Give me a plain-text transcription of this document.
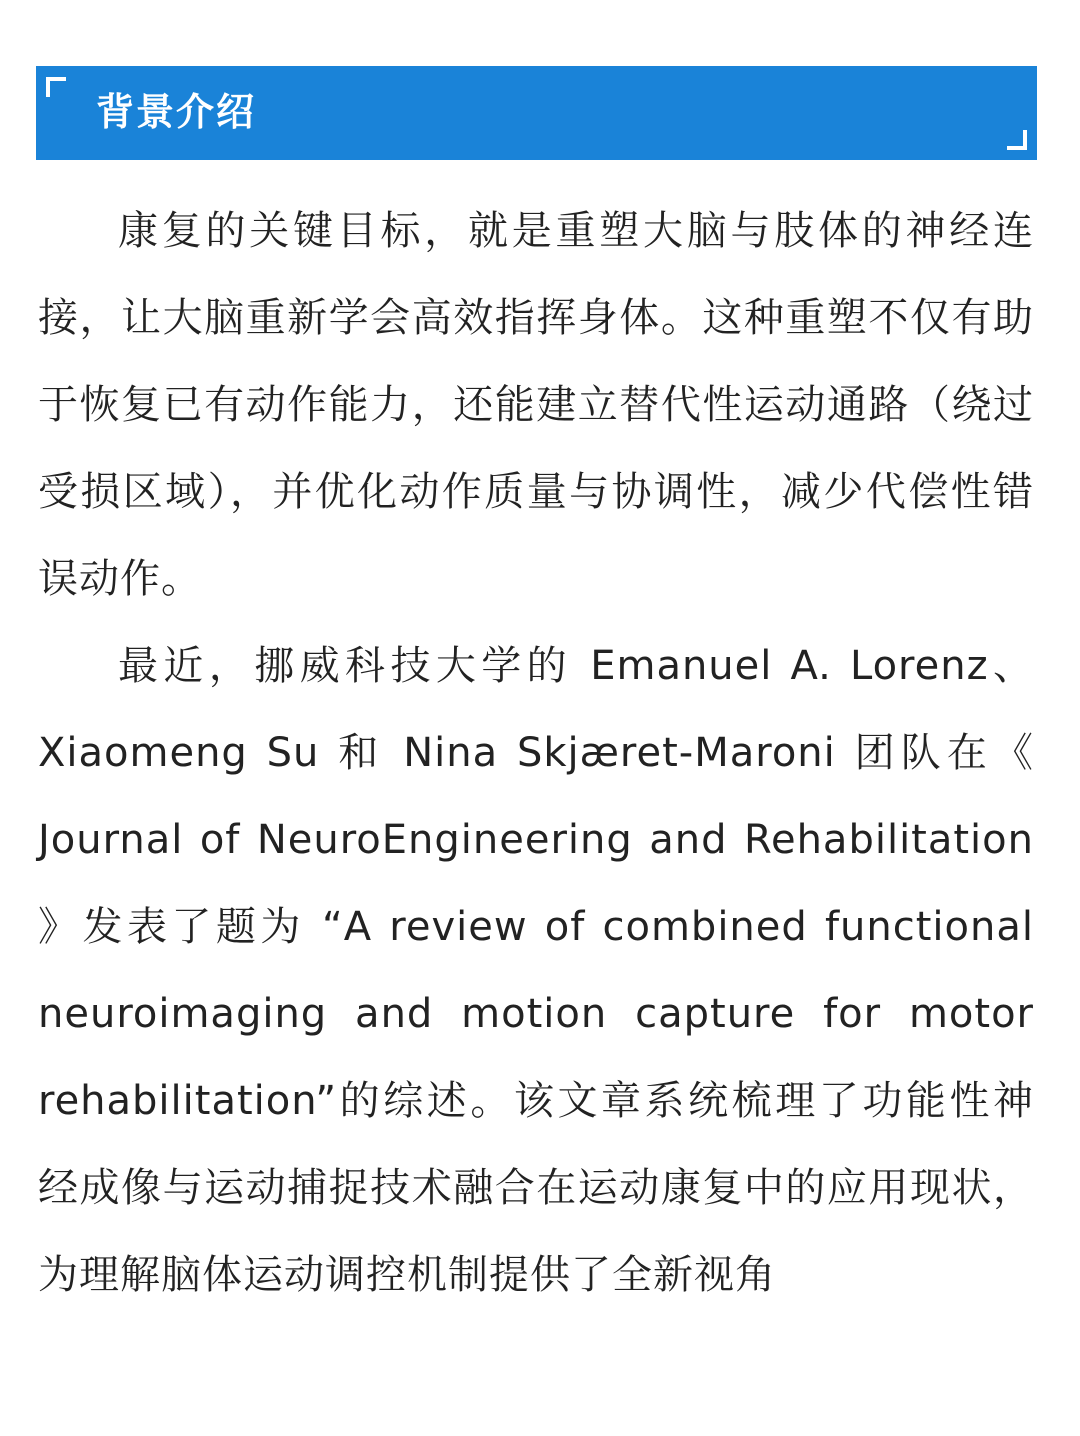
背景介绍

康复的关键目标，就是重塑大脑与肢体的神经连接，让大脑重新学会高效指挥身体。这种重塑不仅有助于恢复已有动作能力，还能建立替代性运动通路（绕过受损区域），并优化动作质量与协调性，减少代偿性错误动作。

最近，挪威科技大学的 Emanuel A. Lorenz、Xiaomeng Su 和 Nina Skjæret-Maroni 团队在《 Journal of NeuroEngineering and Rehabilitation 》发表了题为 “A review of combined functional neuroimaging and motion capture for motor rehabilitation”的综述。该文章系统梳理了功能性神经成像与运动捕捉技术融合在运动康复中的应用现状，为理解脑体运动调控机制提供了全新视角
